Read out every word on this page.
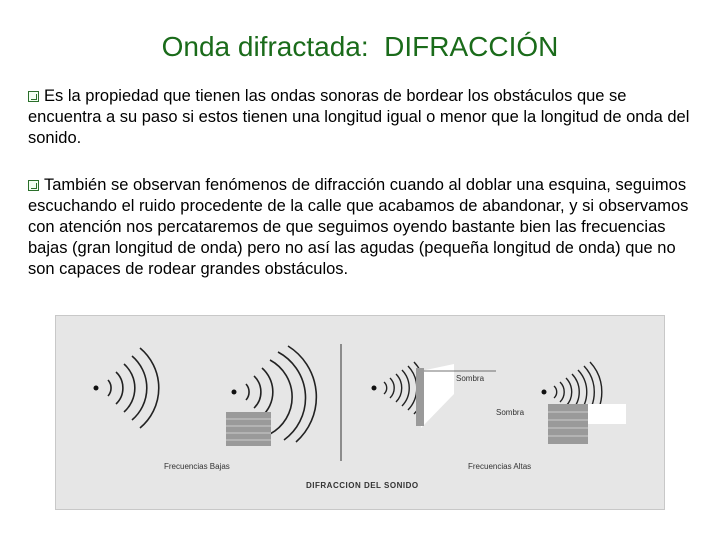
Onda difractada:  DIFRACCIÓN

Es la propiedad que tienen las ondas sonoras de bordear los obstáculos que se encuentra a su paso si estos tienen una longitud igual o menor que la longitud de onda del sonido.

También se observan fenómenos de difracción cuando al doblar una esquina, seguimos escuchando el ruido procedente de la calle que acabamos de abandonar, y si observamos con atención nos percataremos de que seguimos oyendo bastante bien las frecuencias bajas (gran longitud de onda) pero no así las agudas (pequeña longitud de onda) que no son capaces de rodear grandes obstáculos.

Frecuencias Bajas	Frecuencias Altas
DIFRACCION DEL SONIDO
Sombra
Sombra
